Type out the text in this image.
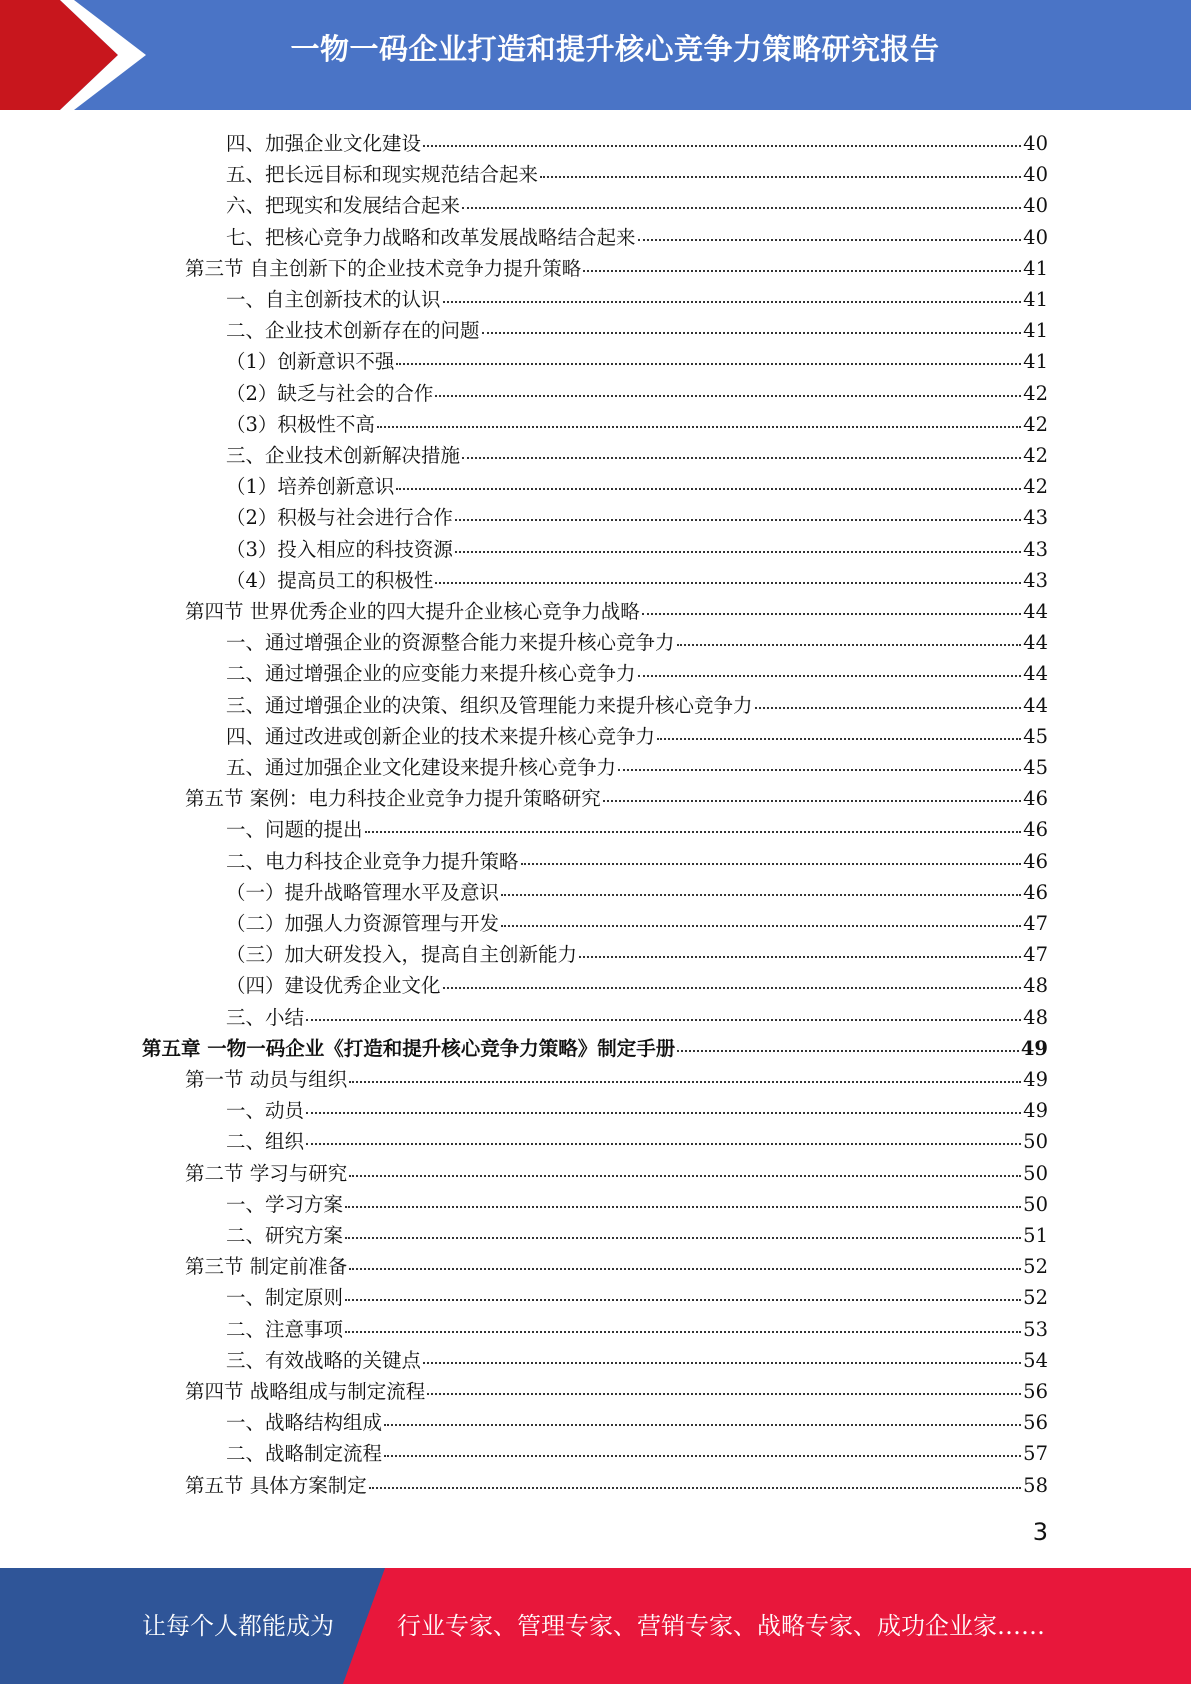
一物一码企业打造和提升核心竞争力策略研究报告
四、加强企业文化建设	40
五、把长远目标和现实规范结合起来	40
六、把现实和发展结合起来	40
七、把核心竞争力战略和改革发展战略结合起来	40
第三节 自主创新下的企业技术竞争力提升策略	41
一、自主创新技术的认识	41
二、企业技术创新存在的问题	41
（1）创新意识不强	41
（2）缺乏与社会的合作	42
（3）积极性不高	42
三、企业技术创新解决措施	42
（1）培养创新意识	42
（2）积极与社会进行合作	43
（3）投入相应的科技资源	43
（4）提高员工的积极性	43
第四节 世界优秀企业的四大提升企业核心竞争力战略	44
一、通过增强企业的资源整合能力来提升核心竞争力	44
二、通过增强企业的应变能力来提升核心竞争力	44
三、通过增强企业的决策、组织及管理能力来提升核心竞争力	44
四、通过改进或创新企业的技术来提升核心竞争力	45
五、通过加强企业文化建设来提升核心竞争力	45
第五节 案例：电力科技企业竞争力提升策略研究	46
一、问题的提出	46
二、电力科技企业竞争力提升策略	46
（一）提升战略管理水平及意识	46
（二）加强人力资源管理与开发	47
（三）加大研发投入，提高自主创新能力	47
（四）建设优秀企业文化	48
三、小结	48
第五章 一物一码企业《打造和提升核心竞争力策略》制定手册	49
第一节 动员与组织	49
一、动员	49
二、组织	50
第二节 学习与研究	50
一、学习方案	50
二、研究方案	51
第三节 制定前准备	52
一、制定原则	52
二、注意事项	53
三、有效战略的关键点	54
第四节 战略组成与制定流程	56
一、战略结构组成	56
二、战略制定流程	57
第五节 具体方案制定	58
3
让每个人都能成为	行业专家、管理专家、营销专家、战略专家、成功企业家……
